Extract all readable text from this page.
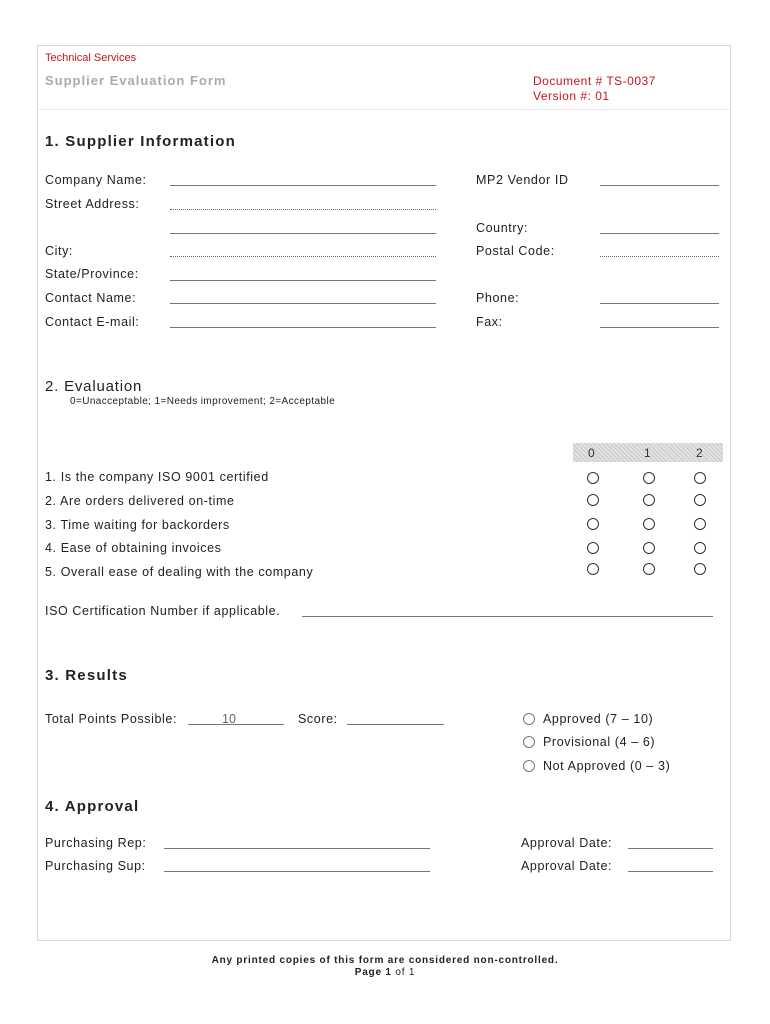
Technical Services
Supplier Evaluation Form	Document # TS-0037
Version #: 01
1. Supplier Information
Company Name:	MP2 Vendor ID
Street Address:
Country:
City:	Postal Code:
State/Province:
Contact Name:	Phone:
Contact E-mail:	Fax:
2. Evaluation
0=Unacceptable; 1=Needs improvement; 2=Acceptable
0	1	2
1. Is the company ISO 9001 certified
2. Are orders delivered on-time
3. Time waiting for backorders
4. Ease of obtaining invoices
5. Overall ease of dealing with the company
ISO Certification Number if applicable.
3. Results
Total Points Possible:	10	Score:	Approved (7 – 10)
Provisional (4 – 6)
Not Approved (0 – 3)
4. Approval
Purchasing Rep:	Approval Date:
Purchasing Sup:	Approval Date:
Any printed copies of this form are considered non-controlled.
Page 1 of 1
